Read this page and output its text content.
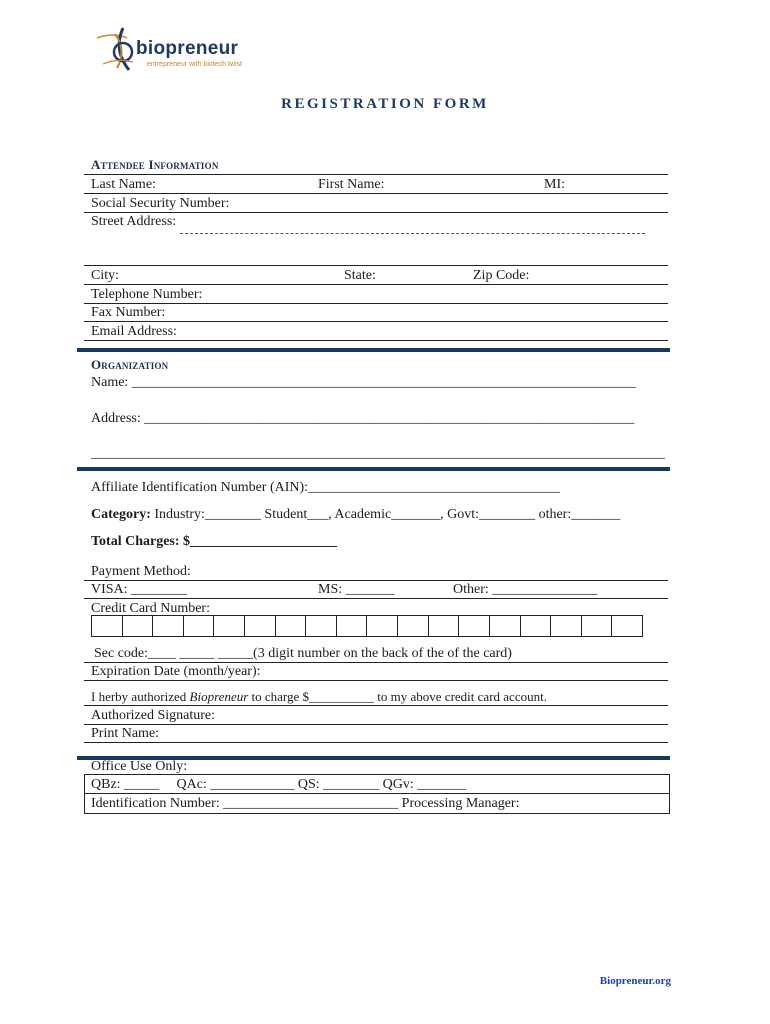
biopreneur
entrepreneur with biotech twist
REGISTRATION FORM
Attendee Information
Last Name:	First Name:	MI:
Social Security Number:
Street Address:
City:	State:	Zip Code:
Telephone Number:
Fax Number:
Email Address:
Organization
Name: ________________________________________________________________________
Address: ______________________________________________________________________
__________________________________________________________________________________
Affiliate Identification Number (AIN):____________________________________
Category: Industry:________ Student___, Academic_______, Govt:________ other:_______
Total Charges: $_____________________
Payment Method:
VISA: ________	MS: _______	Other: _______________
Credit Card Number:
Sec code:____ _____ _____(3 digit number on the back of the of the card)
Expiration Date (month/year):
I herby authorized Biopreneur to charge $__________ to my above credit card account.
Authorized Signature:
Print Name:
Office Use Only:
QBz: _____     QAc: ____________ QS: ________ QGv: _______
Identification Number: _________________________ Processing Manager:
Biopreneur.org
